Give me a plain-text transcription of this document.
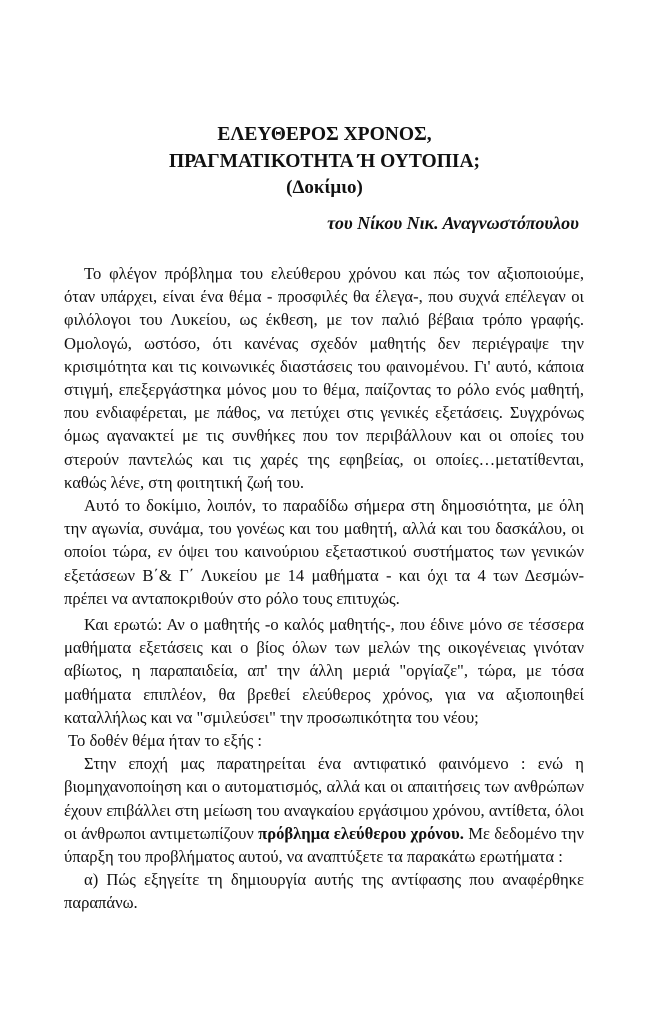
ΕΛΕΥΘΕΡΟΣ ΧΡΟΝΟΣ,
ΠΡΑΓΜΑΤΙΚΟΤΗΤΑ Ή ΟΥΤΟΠΙΑ;
(Δοκίμιο)

του Νίκου Νικ. Αναγνωστόπουλου

Το φλέγον πρόβλημα του ελεύθερου χρόνου και πώς τον αξιοποιούμε, όταν υπάρχει, είναι ένα θέμα - προσφιλές θα έλεγα-, που συχνά επέλεγαν οι φιλόλογοι του Λυκείου, ως έκθεση, με τον παλιό βέβαια τρόπο γραφής. Ομολογώ, ωστόσο, ότι κανένας σχεδόν μαθητής δεν περιέγραψε την κρισιμότητα και τις κοινωνικές διαστάσεις του φαινομένου. Γι' αυτό, κάποια στιγμή, επεξεργάστηκα μόνος μου το θέμα, παίζοντας το ρόλο ενός μαθητή, που ενδιαφέρεται, με πάθος, να πετύχει στις γενικές εξετάσεις. Συγχρόνως όμως αγανακτεί με τις συνθήκες που τον περιβάλλουν και οι οποίες του στερούν παντελώς και τις χαρές της εφηβείας, οι οποίες…μετατίθενται, καθώς λένε, στη φοιτητική ζωή του.

Αυτό το δοκίμιο, λοιπόν, το παραδίδω σήμερα στη δημοσιότητα, με όλη την αγωνία, συνάμα, του γονέως και του μαθητή, αλλά και του δασκάλου, οι οποίοι τώρα, εν όψει του καινούριου εξεταστικού συστήματος των γενικών εξετάσεων Β΄& Γ΄ Λυκείου με 14 μαθήματα - και όχι τα 4 των Δεσμών- πρέπει να ανταποκριθούν στο ρόλο τους επιτυχώς.

Και ερωτώ: Αν ο μαθητής -ο καλός μαθητής-, που έδινε μόνο σε τέσσερα μαθήματα εξετάσεις και ο βίος όλων των μελών της οικογένειας γινόταν αβίωτος, η παραπαιδεία, απ' την άλλη μεριά "οργίαζε", τώρα, με τόσα μαθήματα επιπλέον, θα βρεθεί ελεύθερος χρόνος, για να αξιοποιηθεί καταλλήλως και να "σμιλεύσει" την προσωπικότητα του νέου;

Το δοθέν θέμα ήταν το εξής :

Στην εποχή μας παρατηρείται ένα αντιφατικό φαινόμενο : ενώ η βιομηχανοποίηση και ο αυτοματισμός, αλλά και οι απαιτήσεις των ανθρώπων έχουν επιβάλλει στη μείωση του αναγκαίου εργάσιμου χρόνου, αντίθετα, όλοι οι άνθρωποι αντιμετωπίζουν πρόβλημα ελεύθερου χρόνου. Με δεδομένο την ύπαρξη του προβλήματος αυτού, να αναπτύξετε τα παρακάτω ερωτήματα :

α) Πώς εξηγείτε τη δημιουργία αυτής της αντίφασης που αναφέρθηκε παραπάνω.
